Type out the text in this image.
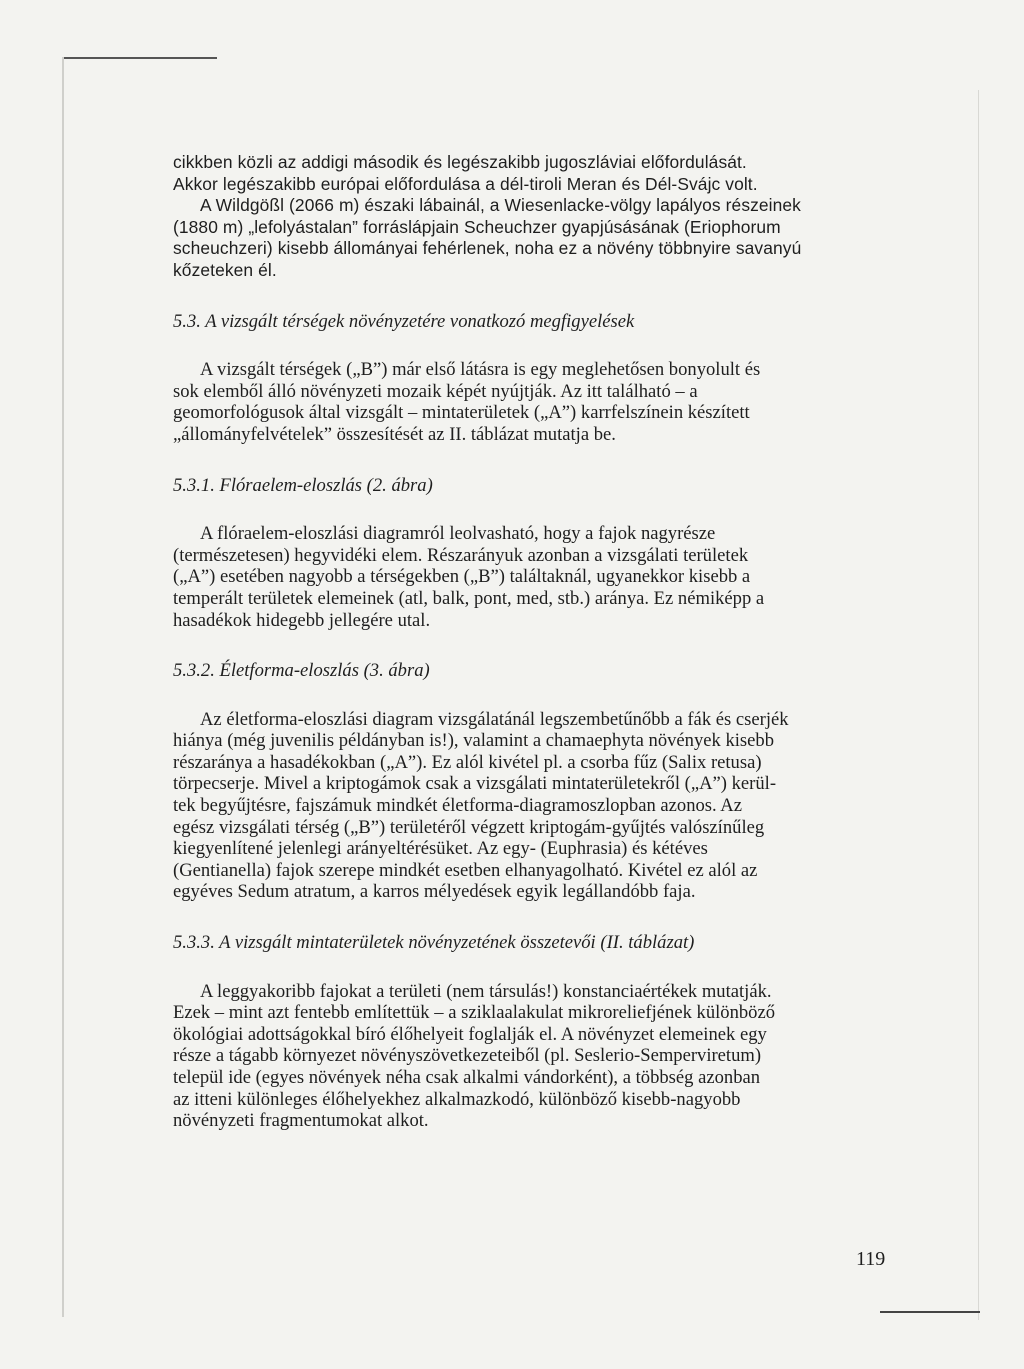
cikkben közli az addigi második és legészakibb jugoszláviai előfordulását.
Akkor legészakibb európai előfordulása a dél-tiroli Meran és Dél-Svájc volt.
A Wildgößl (2066 m) északi lábainál, a Wiesenlacke-völgy lapályos részeinek
(1880 m) „lefolyástalan” forráslápjain Scheuchzer gyapjúsásának (Eriophorum
scheuchzeri) kisebb állományai fehérlenek, noha ez a növény többnyire savanyú
kőzeteken él.
5.3. A vizsgált térségek növényzetére vonatkozó megfigyelések
A vizsgált térségek („B”) már első látásra is egy meglehetősen bonyolult és
sok elemből álló növényzeti mozaik képét nyújtják. Az itt található – a
geomorfológusok által vizsgált – mintaterületek („A”) karrfelszínein készített
„állományfelvételek” összesítését az II. táblázat mutatja be.
5.3.1. Flóraelem-eloszlás (2. ábra)
A flóraelem-eloszlási diagramról leolvasható, hogy a fajok nagyrésze
(természetesen) hegyvidéki elem. Részarányuk azonban a vizsgálati területek
(„A”) esetében nagyobb a térségekben („B”) találtaknál, ugyanekkor kisebb a
temperált területek elemeinek (atl, balk, pont, med, stb.) aránya. Ez némiképp a
hasadékok hidegebb jellegére utal.
5.3.2. Életforma-eloszlás (3. ábra)
Az életforma-eloszlási diagram vizsgálatánál legszembetűnőbb a fák és cserjék
hiánya (még juvenilis példányban is!), valamint a chamaephyta növények kisebb
részaránya a hasadékokban („A”). Ez alól kivétel pl. a csorba fűz (Salix retusa)
törpecserje. Mivel a kriptogámok csak a vizsgálati mintaterületekről („A”) kerül-
tek begyűjtésre, fajszámuk mindkét életforma-diagramoszlopban azonos. Az
egész vizsgálati térség („B”) területéről végzett kriptogám-gyűjtés valószínűleg
kiegyenlítené jelenlegi arányeltérésüket. Az egy- (Euphrasia) és kétéves
(Gentianella) fajok szerepe mindkét esetben elhanyagolható. Kivétel ez alól az
egyéves Sedum atratum, a karros mélyedések egyik legállandóbb faja.
5.3.3. A vizsgált mintaterületek növényzetének összetevői (II. táblázat)
A leggyakoribb fajokat a területi (nem társulás!) konstanciaértékek mutatják.
Ezek – mint azt fentebb említettük – a sziklaalakulat mikroreliefjének különböző
ökológiai adottságokkal bíró élőhelyeit foglalják el. A növényzet elemeinek egy
része a tágabb környezet növényszövetkezeteiből (pl. Seslerio-Semperviretum)
települ ide (egyes növények néha csak alkalmi vándorként), a többség azonban
az itteni különleges élőhelyekhez alkalmazkodó, különböző kisebb-nagyobb
növényzeti fragmentumokat alkot.
119
